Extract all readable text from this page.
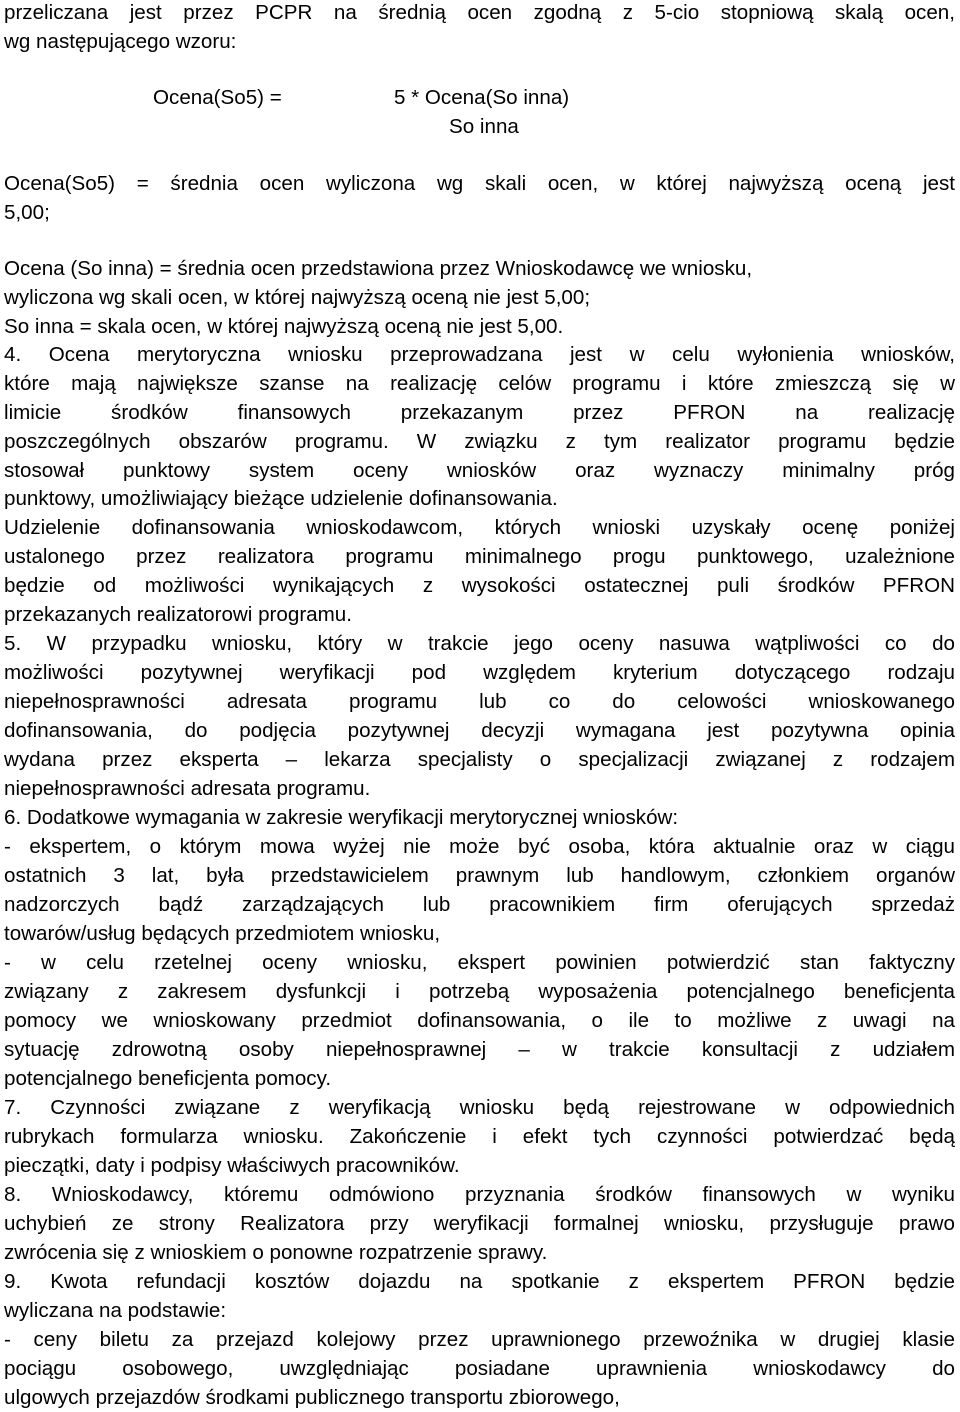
przeliczana jest przez PCPR na średnią ocen zgodną z 5-cio stopniową skalą ocen,
wg następującego wzoru:
Ocena(So5) =	5 * Ocena(So inna)
So inna
Ocena(So5) = średnia ocen wyliczona wg skali ocen, w której najwyższą oceną jest
5,00;
Ocena (So inna) = średnia ocen przedstawiona przez Wnioskodawcę we wniosku,
wyliczona wg skali ocen, w której najwyższą oceną nie jest 5,00;
So inna = skala ocen, w której najwyższą oceną nie jest 5,00.
4. Ocena merytoryczna wniosku przeprowadzana jest w celu wyłonienia wniosków,
które mają największe szanse na realizację celów programu i które zmieszczą się w
limicie środków finansowych przekazanym przez PFRON na realizację
poszczególnych obszarów programu. W związku z tym realizator programu będzie
stosował punktowy system oceny wniosków oraz wyznaczy minimalny próg
punktowy, umożliwiający bieżące udzielenie dofinansowania.
Udzielenie dofinansowania wnioskodawcom, których wnioski uzyskały ocenę poniżej
ustalonego przez realizatora programu minimalnego progu punktowego, uzależnione
będzie od możliwości wynikających z wysokości ostatecznej puli środków PFRON
przekazanych realizatorowi programu.
5. W przypadku wniosku, który w trakcie jego oceny nasuwa wątpliwości co do
możliwości pozytywnej weryfikacji pod względem kryterium dotyczącego rodzaju
niepełnosprawności adresata programu lub co do celowości wnioskowanego
dofinansowania, do podjęcia pozytywnej decyzji wymagana jest pozytywna opinia
wydana przez eksperta – lekarza specjalisty o specjalizacji związanej z rodzajem
niepełnosprawności adresata programu.
6. Dodatkowe wymagania w zakresie weryfikacji merytorycznej wniosków:
- ekspertem, o którym mowa wyżej nie może być osoba, która aktualnie oraz w ciągu
ostatnich 3 lat, była przedstawicielem prawnym lub handlowym, członkiem organów
nadzorczych bądź zarządzających lub pracownikiem firm oferujących sprzedaż
towarów/usług będących przedmiotem wniosku,
- w celu rzetelnej oceny wniosku, ekspert powinien potwierdzić stan faktyczny
związany z zakresem dysfunkcji i potrzebą wyposażenia potencjalnego beneficjenta
pomocy we wnioskowany przedmiot dofinansowania, o ile to możliwe z uwagi na
sytuację zdrowotną osoby niepełnosprawnej – w trakcie konsultacji z udziałem
potencjalnego beneficjenta pomocy.
7. Czynności związane z weryfikacją wniosku będą rejestrowane w odpowiednich
rubrykach formularza wniosku. Zakończenie i efekt tych czynności potwierdzać będą
pieczątki, daty i podpisy właściwych pracowników.
8. Wnioskodawcy, któremu odmówiono przyznania środków finansowych w wyniku
uchybień ze strony Realizatora przy weryfikacji formalnej wniosku, przysługuje prawo
zwrócenia się z wnioskiem o ponowne rozpatrzenie sprawy.
9. Kwota refundacji kosztów dojazdu na spotkanie z ekspertem PFRON będzie
wyliczana na podstawie:
- ceny biletu za przejazd kolejowy przez uprawnionego przewoźnika w drugiej klasie
pociągu osobowego, uwzględniając posiadane uprawnienia wnioskodawcy do
ulgowych przejazdów środkami publicznego transportu zbiorowego,
